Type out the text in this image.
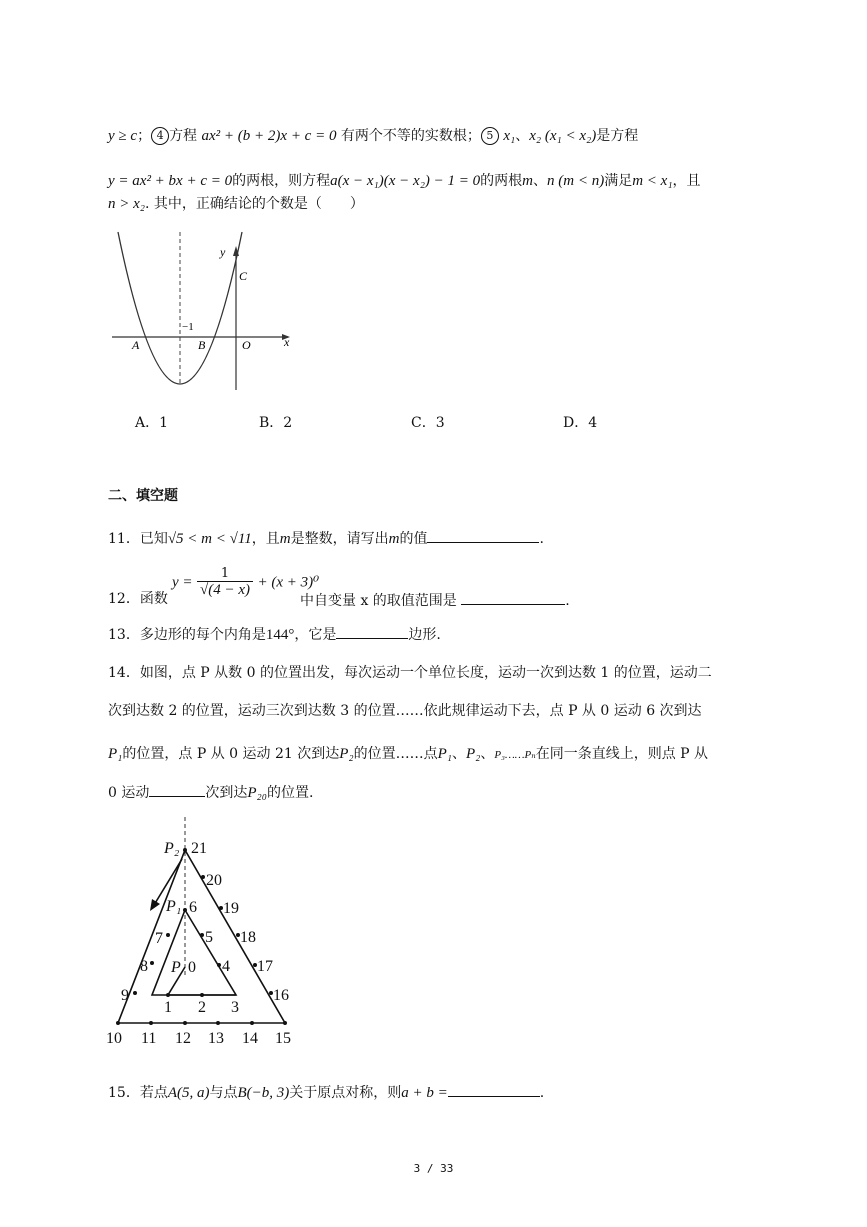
y ≥ c； 4 方程 ax² + (b + 2)x + c = 0 有两个不等的实数根； 5 x₁、x₂ (x₁ < x₂)是方程
y = ax² + bx + c = 0的两根，则方程a(x − x₁)(x − x₂) − 1 = 0的两根m、n (m < n)满足m < x₁，且
n > x₂. 其中，正确结论的个数是（　　）
y
C
−1
A	B	O	x
A．1	B．2	C．3	D．4
二、填空题
11．已知√5 < m < √11，且m是整数，请写出m的值	.
12．函数
$y = \frac{1}{√(4 - x)} + (x + 3)^0$
中自变量 x 的取值范围是	.
13．多边形的每个内角是144°，它是	边形.
14．如图，点 P 从数 0 的位置出发，每次运动一个单位长度，运动一次到达数 1 的位置，运动二
次到达数 2 的位置，运动三次到达数 3 的位置……依此规律运动下去，点 P 从 0 运动 6 次到达
P₁的位置，点 P 从 0 运动 21 次到达P₂的位置……点P₁、P₂、P₃……Pₙ在同一条直线上，则点 P 从
0 运动	次到达P₂₀的位置.
P₂ 21
20
P₁ 6 19
7	5 18
8 P 0 4 17
9	16
1 2 3
10 11 12 13 14 15
15．若点A(5, a)与点B(−b, 3)关于原点对称，则a + b =	.
3 / 33
